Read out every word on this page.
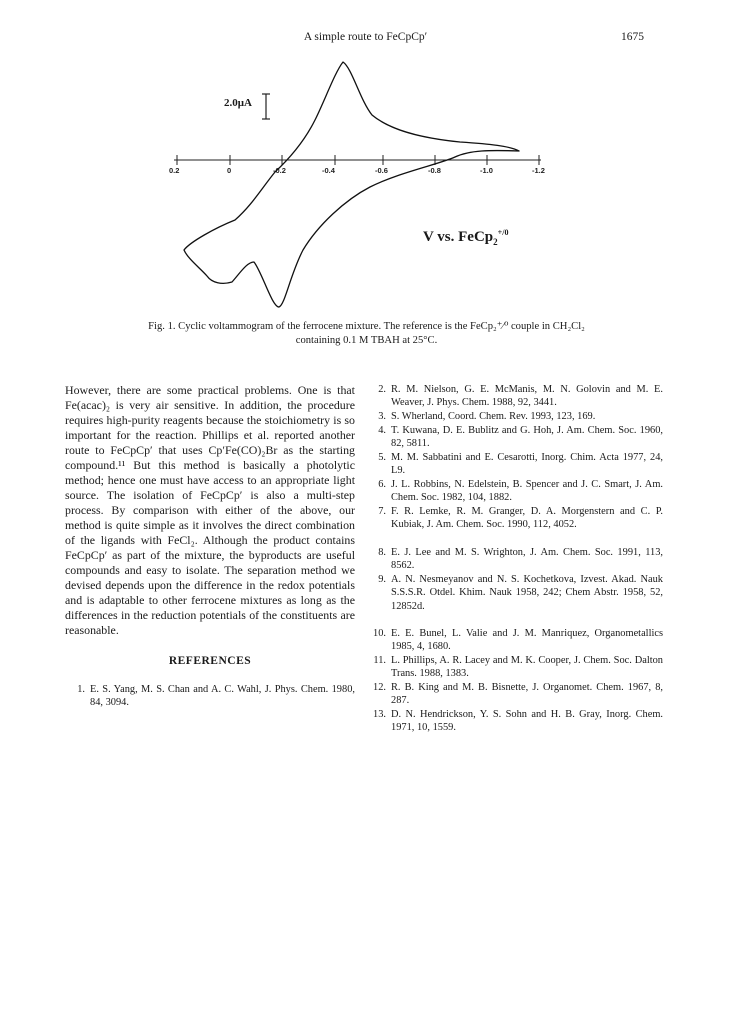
A simple route to FeCpCp′	1675
0.2	0	-0.2	-0.4	-0.6	-0.8	-1.0	-1.2
2.0μA
V vs. FeCp$_2^{+/0}$
Fig. 1. Cyclic voltammogram of the ferrocene mixture. The reference is the FeCp₂⁺⁄⁰ couple in CH₂Cl₂
containing 0.1 M TBAH at 25°C.

However, there are some practical problems. One is that Fe(acac)₂ is very air sensitive. In addition, the procedure requires high-purity reagents because the stoichiometry is so important for the reaction. Phillips et al. reported another route to FeCpCp′ that uses Cp′Fe(CO)₂Br as the starting compound.¹¹ But this method is basically a photolytic method; hence one must have access to an appropriate light source. The isolation of FeCpCp′ is also a multi-step process. By comparison with either of the above, our method is quite simple as it involves the direct combination of the ligands with FeCl₂. Although the product contains FeCpCp′ as part of the mixture, the byproducts are useful compounds and easy to isolate. The separation method we devised depends upon the difference in the redox potentials and is adaptable to other ferrocene mixtures as long as the differences in the reduction potentials of the constituents are reasonable.

REFERENCES
1. E. S. Yang, M. S. Chan and A. C. Wahl, J. Phys. Chem. 1980, 84, 3094.
2. R. M. Nielson, G. E. McManis, M. N. Golovin and M. E. Weaver, J. Phys. Chem. 1988, 92, 3441.
3. S. Wherland, Coord. Chem. Rev. 1993, 123, 169.
4. T. Kuwana, D. E. Bublitz and G. Hoh, J. Am. Chem. Soc. 1960, 82, 5811.
5. M. M. Sabbatini and E. Cesarotti, Inorg. Chim. Acta 1977, 24, L9.
6. J. L. Robbins, N. Edelstein, B. Spencer and J. C. Smart, J. Am. Chem. Soc. 1982, 104, 1882.
7. F. R. Lemke, R. M. Granger, D. A. Morgenstern and C. P. Kubiak, J. Am. Chem. Soc. 1990, 112, 4052.
8. E. J. Lee and M. S. Wrighton, J. Am. Chem. Soc. 1991, 113, 8562.
9. A. N. Nesmeyanov and N. S. Kochetkova, Izvest. Akad. Nauk S.S.S.R. Otdel. Khim. Nauk 1958, 242; Chem Abstr. 1958, 52, 12852d.
10. E. E. Bunel, L. Valie and J. M. Manriquez, Organometallics 1985, 4, 1680.
11. L. Phillips, A. R. Lacey and M. K. Cooper, J. Chem. Soc. Dalton Trans. 1988, 1383.
12. R. B. King and M. B. Bisnette, J. Organomet. Chem. 1967, 8, 287.
13. D. N. Hendrickson, Y. S. Sohn and H. B. Gray, Inorg. Chem. 1971, 10, 1559.
